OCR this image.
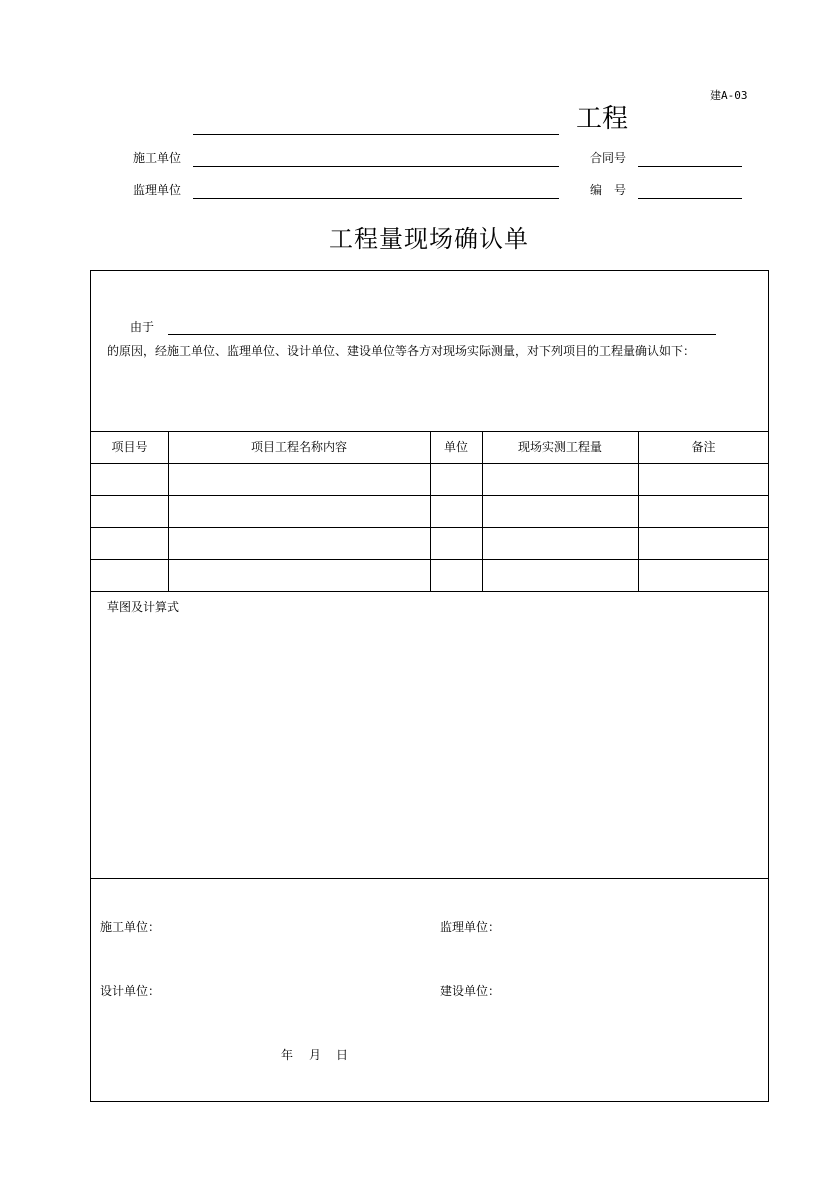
建A-03
工程
施工单位	合同号
监理单位	编　号
工程量现场确认单
由于
的原因，经施工单位、监理单位、设计单位、建设单位等各方对现场实际测量，对下列项目的工程量确认如下：
项目号	项目工程名称内容	单位	现场实测工程量	备注
草图及计算式
施工单位：	监理单位：
设计单位：	建设单位：
年 月 日
